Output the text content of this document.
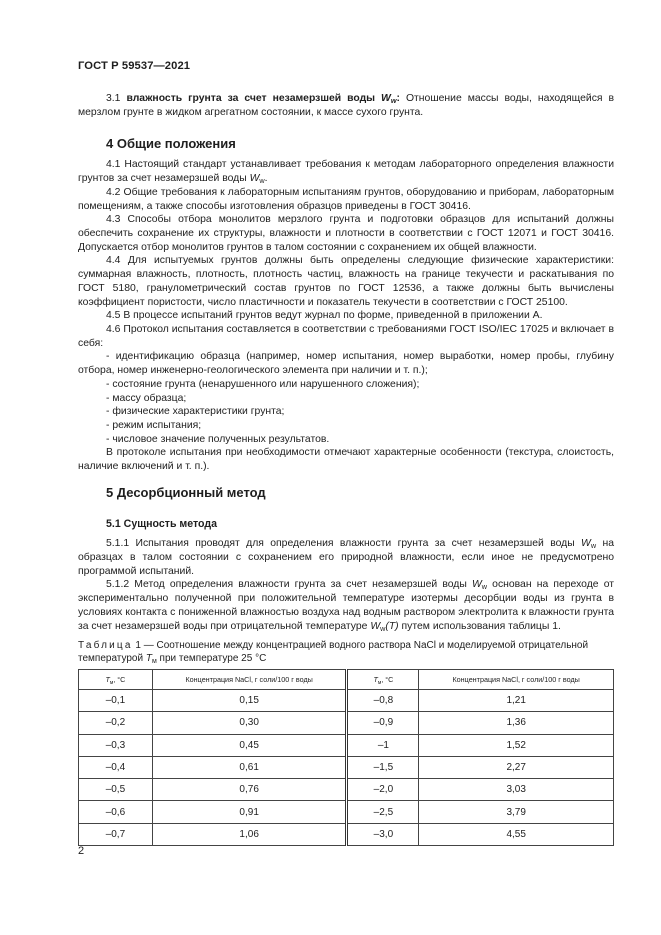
ГОСТ Р 59537—2021

3.1 влажность грунта за счет незамерзшей воды $W_w$: Отношение массы воды, находящейся в мерзлом грунте в жидком агрегатном состоянии, к массе сухого грунта.

4 Общие положения

4.1 Настоящий стандарт устанавливает требования к методам лабораторного определения влажности грунтов за счет незамерзшей воды $W_w$.

4.2 Общие требования к лабораторным испытаниям грунтов, оборудованию и приборам, лабораторным помещениям, а также способы изготовления образцов приведены в ГОСТ 30416.

4.3 Способы отбора монолитов мерзлого грунта и подготовки образцов для испытаний должны обеспечить сохранение их структуры, влажности и плотности в соответствии с ГОСТ 12071 и ГОСТ 30416. Допускается отбор монолитов грунтов в талом состоянии с сохранением их общей влажности.

4.4 Для испытуемых грунтов должны быть определены следующие физические характеристики: суммарная влажность, плотность, плотность частиц, влажность на границе текучести и раскатывания по ГОСТ 5180, гранулометрический состав грунтов по ГОСТ 12536, а также должны быть вычислены коэффициент пористости, число пластичности и показатель текучести в соответствии с ГОСТ 25100.

4.5 В процессе испытаний грунтов ведут журнал по форме, приведенной в приложении А.

4.6 Протокол испытания составляется в соответствии с требованиями ГОСТ ISO/IEC 17025 и включает в себя:

- идентификацию образца (например, номер испытания, номер выработки, номер пробы, глубину отбора, номер инженерно-геологического элемента при наличии и т. п.);

- состояние грунта (ненарушенного или нарушенного сложения);

- массу образца;

- физические характеристики грунта;

- режим испытания;

- числовое значение полученных результатов.

В протоколе испытания при необходимости отмечают характерные особенности (текстура, слоистость, наличие включений и т. п.).

5 Десорбционный метод
5.1 Сущность метода

5.1.1 Испытания проводят для определения влажности грунта за счет незамерзшей воды $W_w$ на образцах в талом состоянии с сохранением его природной влажности, если иное не предусмотрено программой испытаний.

5.1.2 Метод определения влажности грунта за счет незамерзшей воды $W_w$ основан на переходе от экспериментально полученной при положительной температуре изотермы десорбции воды из грунта в условиях контакта с пониженной влажностью воздуха над водным раствором электролита к влажности грунта за счет незамерзшей воды при отрицательной температуре $W_w(T)$ путем использования таблицы 1.

Таблица 1 — Соотношение между концентрацией водного раствора NaCl и моделируемой отрицательной температурой $T_м$ при температуре 25 °С

$T_м$, °С	Концентрация NaCl, г соли/100 г воды	$T_м$, °С	Концентрация NaCl, г соли/100 г воды
–0,1	0,15	–0,8	1,21
–0,2	0,30	–0,9	1,36
–0,3	0,45	–1	1,52
–0,4	0,61	–1,5	2,27
–0,5	0,76	–2,0	3,03
–0,6	0,91	–2,5	3,79
–0,7	1,06	–3,0	4,55
2
